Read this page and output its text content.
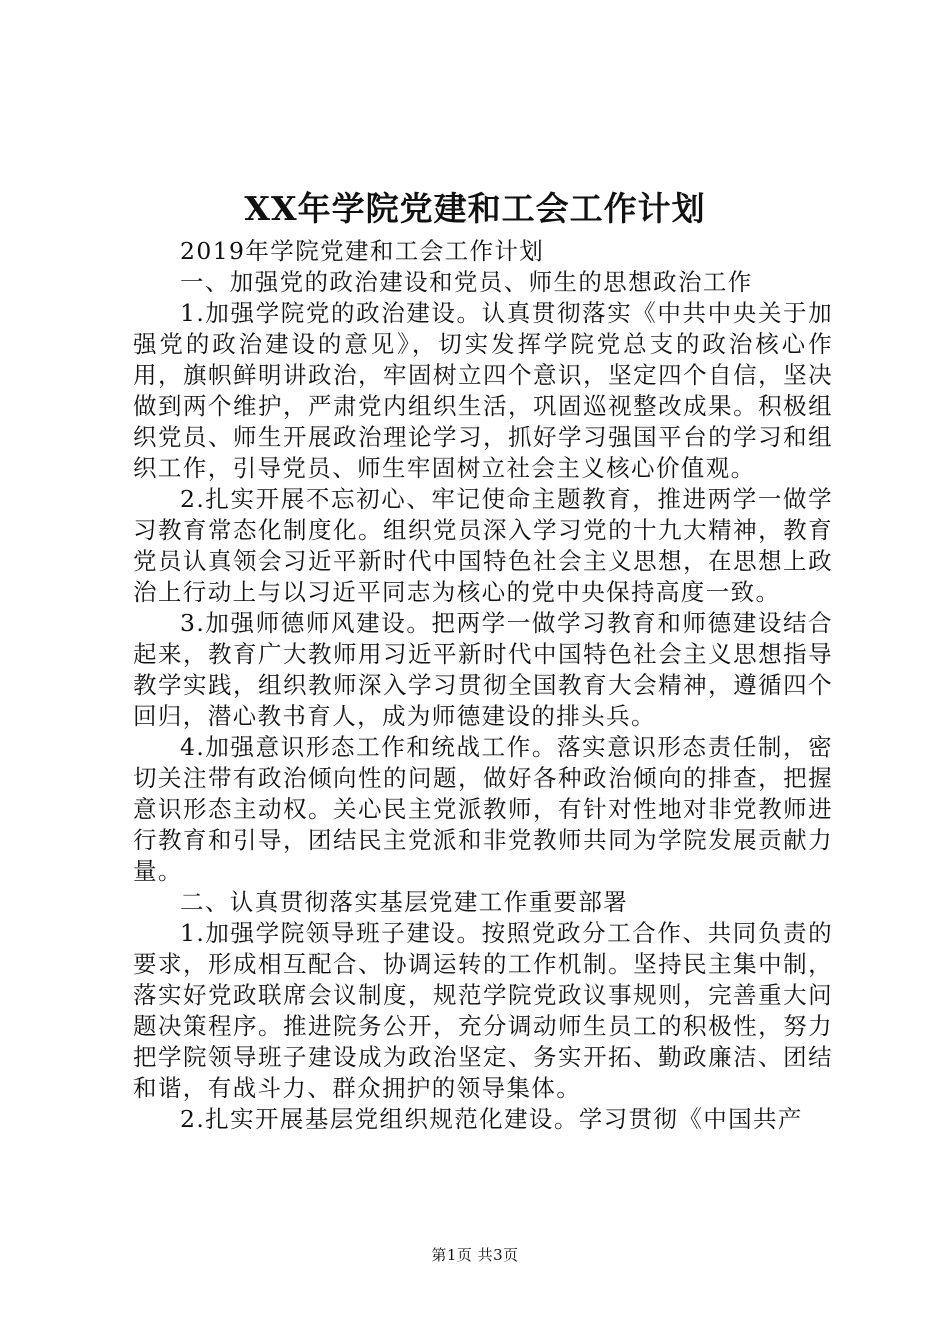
XX年学院党建和工会工作计划

2019年学院党建和工会工作计划

一、加强党的政治建设和党员、师生的思想政治工作

1.加强学院党的政治建设。认真贯彻落实《中共中央关于加强党的政治建设的意见》，切实发挥学院党总支的政治核心作用，旗帜鲜明讲政治，牢固树立四个意识，坚定四个自信，坚决做到两个维护，严肃党内组织生活，巩固巡视整改成果。积极组织党员、师生开展政治理论学习，抓好学习强国平台的学习和组织工作，引导党员、师生牢固树立社会主义核心价值观。

2.扎实开展不忘初心、牢记使命主题教育，推进两学一做学习教育常态化制度化。组织党员深入学习党的十九大精神，教育党员认真领会习近平新时代中国特色社会主义思想，在思想上政治上行动上与以习近平同志为核心的党中央保持高度一致。

3.加强师德师风建设。把两学一做学习教育和师德建设结合起来，教育广大教师用习近平新时代中国特色社会主义思想指导教学实践，组织教师深入学习贯彻全国教育大会精神，遵循四个回归，潜心教书育人，成为师德建设的排头兵。

4.加强意识形态工作和统战工作。落实意识形态责任制，密切关注带有政治倾向性的问题，做好各种政治倾向的排查，把握意识形态主动权。关心民主党派教师，有针对性地对非党教师进行教育和引导，团结民主党派和非党教师共同为学院发展贡献力量。

二、认真贯彻落实基层党建工作重要部署

1.加强学院领导班子建设。按照党政分工合作、共同负责的要求，形成相互配合、协调运转的工作机制。坚持民主集中制，落实好党政联席会议制度，规范学院党政议事规则，完善重大问题决策程序。推进院务公开，充分调动师生员工的积极性，努力把学院领导班子建设成为政治坚定、务实开拓、勤政廉洁、团结和谐，有战斗力、群众拥护的领导集体。

2.扎实开展基层党组织规范化建设。学习贯彻《中国共产

第1页 共3页
